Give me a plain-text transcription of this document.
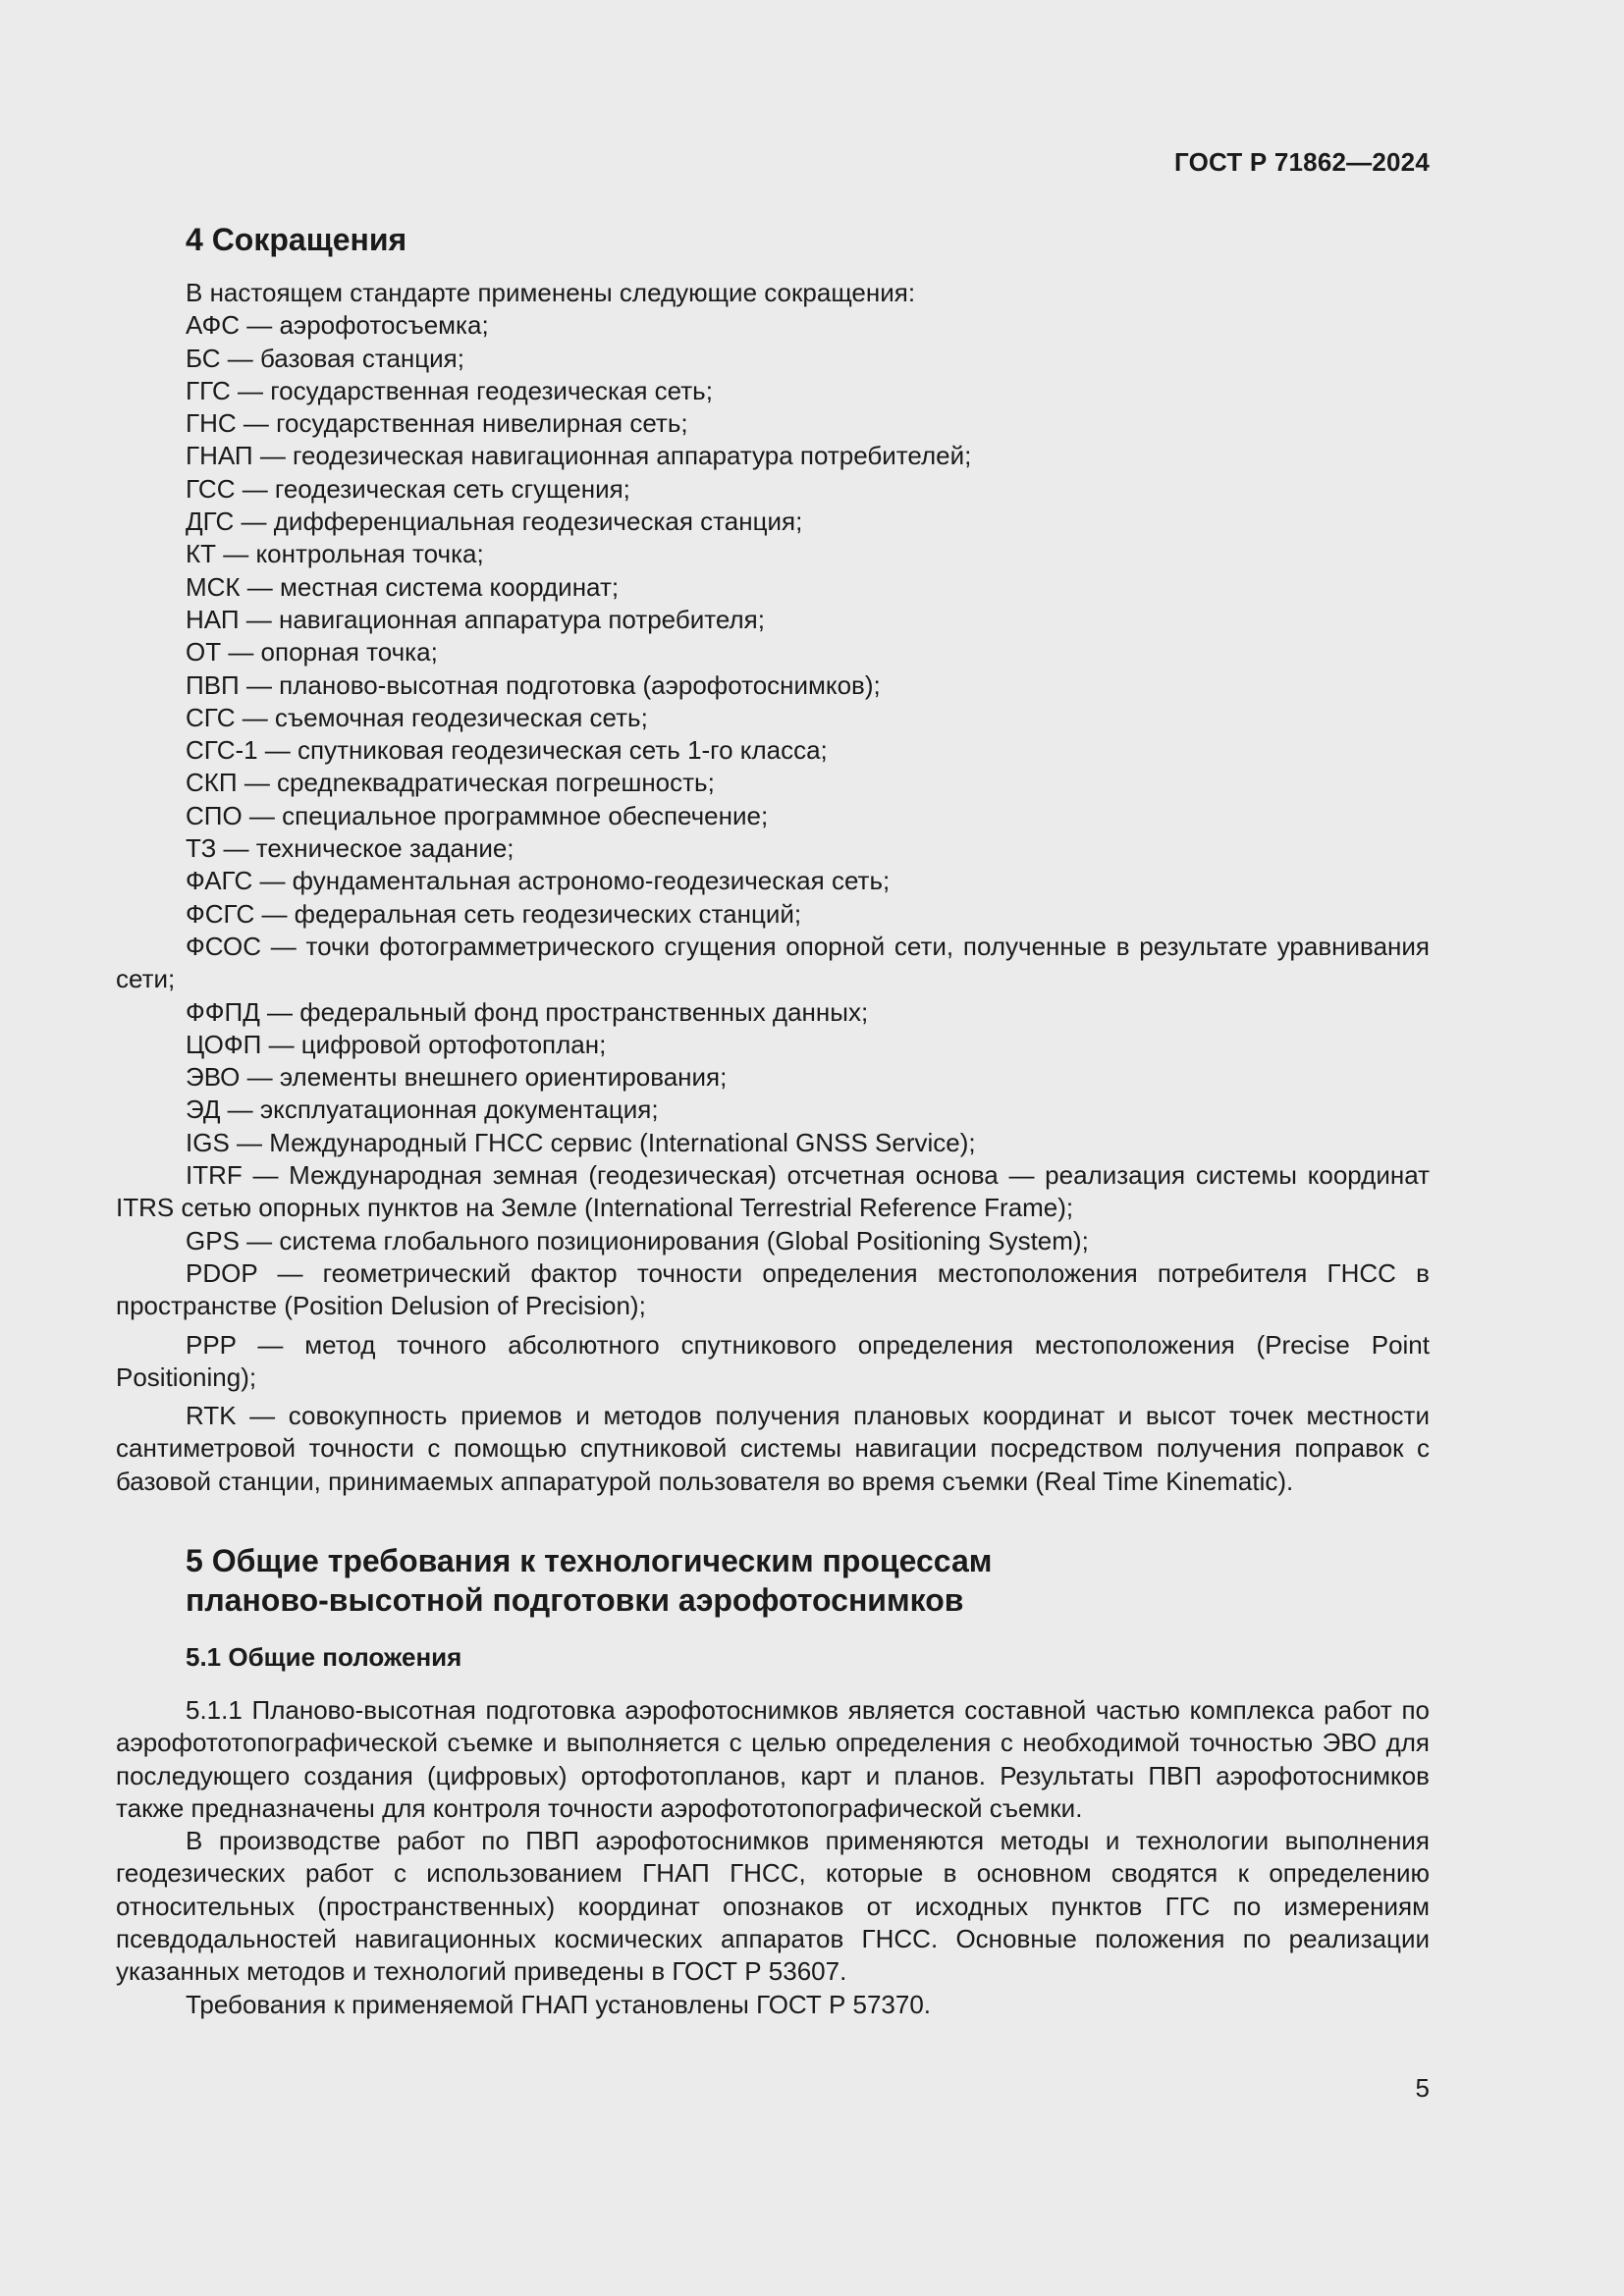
ГОСТ Р 71862—2024
4 Сокращения

В настоящем стандарте применены следующие сокращения:

АФС — аэрофотосъемка;

БС — базовая станция;

ГГС — государственная геодезическая сеть;

ГНС — государственная нивелирная сеть;

ГНАП — геодезическая навигационная аппаратура потребителей;

ГСС — геодезическая сеть сгущения;

ДГС — дифференциальная геодезическая станция;

КТ — контрольная точка;

МСК — местная система координат;

НАП — навигационная аппаратура потребителя;

ОТ — опорная точка;

ПВП — планово-высотная подготовка (аэрофотоснимков);

СГС — съемочная геодезическая сеть;

СГС-1 — спутниковая геодезическая сеть 1-го класса;

СКП — средneквадратическая погрешность;

СПО — специальное программное обеспечение;

ТЗ — техническое задание;

ФАГС — фундаментальная астрономо-геодезическая сеть;

ФСГС — федеральная сеть геодезических станций;

ФСОС — точки фотограмметрического сгущения опорной сети, полученные в результате уравнивания сети;

ФФПД — федеральный фонд пространственных данных;

ЦОФП — цифровой ортофотоплан;

ЭВО — элементы внешнего ориентирования;

ЭД — эксплуатационная документация;

IGS — Международный ГНСС сервис (International GNSS Service);

ITRF — Международная земная (геодезическая) отсчетная основа — реализация системы координат ITRS сетью опорных пунктов на Земле (International Terrestrial Reference Frame);

GPS — система глобального позиционирования (Global Positioning System);

PDOP — геометрический фактор точности определения местоположения потребителя ГНСС в пространстве (Position Delusion of Precision);

PPP — метод точного абсолютного спутникового определения местоположения (Precise Point Positioning);

RTK — совокупность приемов и методов получения плановых координат и высот точек местности сантиметровой точности с помощью спутниковой системы навигации посредством получения поправок с базовой станции, принимаемых аппаратурой пользователя во время съемки (Real Time Kinematic).

5 Общие требования к технологическим процессам
планово-высотной подготовки аэрофотоснимков
5.1 Общие положения

5.1.1 Планово-высотная подготовка аэрофотоснимков является составной частью комплекса работ по аэрофототопографической съемке и выполняется с целью определения с необходимой точностью ЭВО для последующего создания (цифровых) ортофотопланов, карт и планов. Результаты ПВП аэрофотоснимков также предназначены для контроля точности аэрофототопографической съемки.

В производстве работ по ПВП аэрофотоснимков применяются методы и технологии выполнения геодезических работ с использованием ГНАП ГНСС, которые в основном сводятся к определению относительных (пространственных) координат опознаков от исходных пунктов ГГС по измерениям псевдодальностей навигационных космических аппаратов ГНСС. Основные положения по реализации указанных методов и технологий приведены в ГОСТ Р 53607.

Требования к применяемой ГНАП установлены ГОСТ Р 57370.

5
